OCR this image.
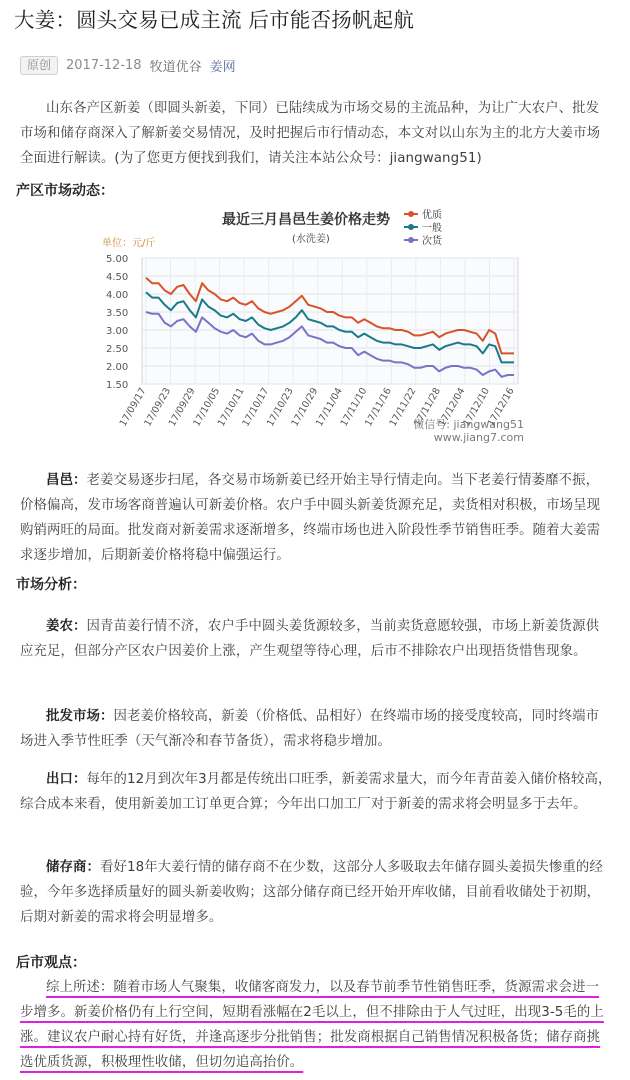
大姜：圆头交易已成主流 后市能否扬帆起航
原创	2017-12-18 牧道优谷 姜网
山东各产区新姜（即圆头新姜，下同）已陆续成为市场交易的主流品种，为让广大农户、批发市场和储存商深入了解新姜交易情况，及时把握后市行情动态，本文对以山东为主的北方大姜市场全面进行解读。(为了您更方便找到我们，请关注本站公众号：jiangwang51)
产区市场动态：
最近三月昌邑生姜价格走势
(水洗姜)
单位：元/斤
优质
一般
次货
5.00
4.50
4.00
3.50
3.00
2.50
2.00
1.50
17/09/17
17/09/23
17/09/29
17/10/05
17/10/11
17/10/17
17/10/23
17/10/29
17/11/04
17/11/10
17/11/16
17/11/22
17/11/28
17/12/04
17/12/10
17/12/16
微信号: jiangwang51
www.jiang7.com
昌邑：老姜交易逐步扫尾，各交易市场新姜已经开始主导行情走向。当下老姜行情萎靡不振，价格偏高，发市场客商普遍认可新姜价格。农户手中圆头新姜货源充足，卖货相对积极，市场呈现购销两旺的局面。批发商对新姜需求逐渐增多，终端市场也进入阶段性季节销售旺季。随着大姜需求逐步增加，后期新姜价格将稳中偏强运行。
市场分析：
姜农：因青苗姜行情不济，农户手中圆头姜货源较多，当前卖货意愿较强，市场上新姜货源供应充足，但部分产区农户因姜价上涨，产生观望等待心理，后市不排除农户出现捂货惜售现象。
批发市场：因老姜价格较高，新姜（价格低、品相好）在终端市场的接受度较高，同时终端市场进入季节性旺季（天气渐冷和春节备货），需求将稳步增加。
出口：每年的12月到次年3月都是传统出口旺季，新姜需求量大，而今年青苗姜入储价格较高，综合成本来看，使用新姜加工订单更合算；今年出口加工厂对于新姜的需求将会明显多于去年。
储存商：看好18年大姜行情的储存商不在少数，这部分人多吸取去年储存圆头姜损失惨重的经验，今年多选择质量好的圆头新姜收购；这部分储存商已经开始开库收储，目前看收储处于初期，后期对新姜的需求将会明显增多。
后市观点：
综上所述：随着市场人气聚集，收储客商发力，以及春节前季节性销售旺季，货源需求会进一步增多。新姜价格仍有上行空间，短期看涨幅在2毛以上，但不排除由于人气过旺，出现3-5毛的上涨。建议农户耐心持有好货，并逢高逐步分批销售；批发商根据自己销售情况积极备货；储存商挑选优质货源，积极理性收储，但切勿追高抬价。
